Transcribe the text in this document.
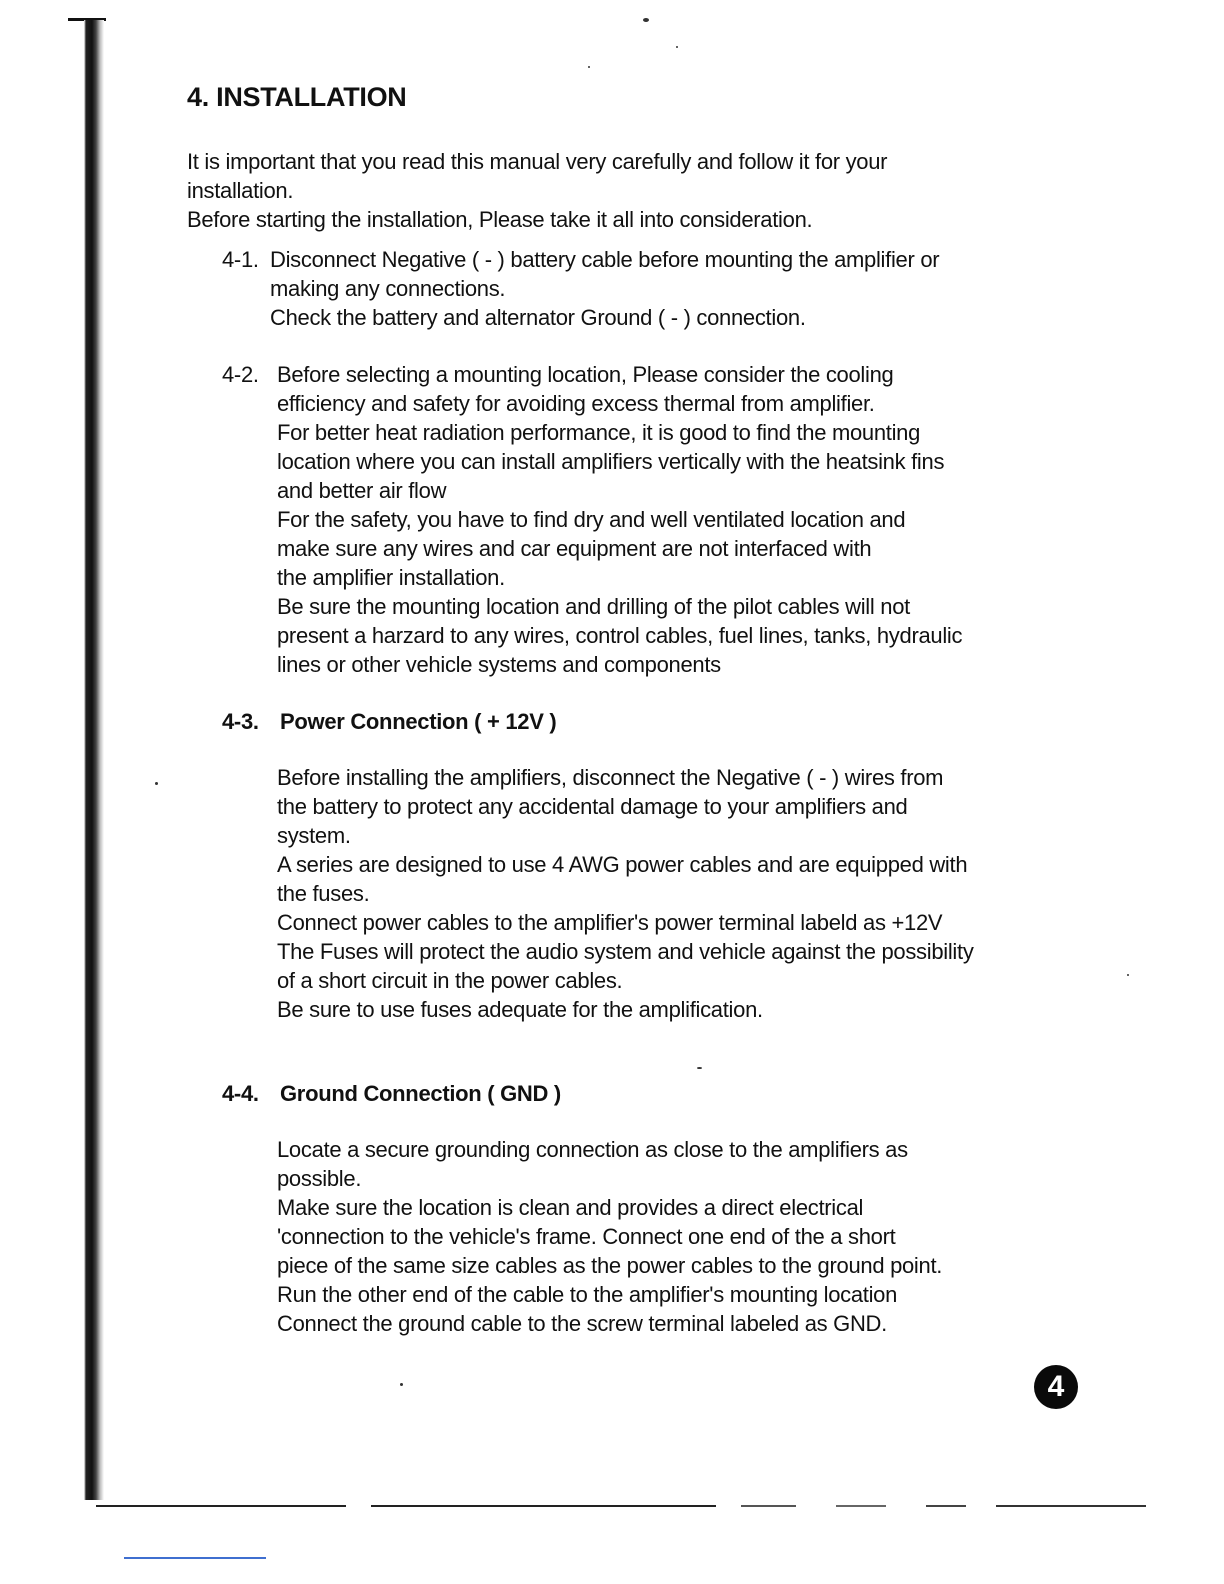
4. INSTALLATION
It is important that you read this manual very carefully and follow it for your
installation.
Before starting the installation, Please take it all into consideration.
4-1. Disconnect Negative ( - ) battery cable before mounting the amplifier or
making any connections.
Check the battery and alternator Ground ( - ) connection.
4-2. Before selecting a mounting location, Please consider the cooling
efficiency and safety for avoiding excess thermal from amplifier.
For better heat radiation performance, it is good to find the mounting
location where you can install amplifiers vertically with the heatsink fins
and better air flow
For the safety, you have to find dry and well ventilated location and
make sure any wires and car equipment are not interfaced with
the amplifier installation.
Be sure the mounting location and drilling of the pilot cables will not
present a harzard to any wires, control cables, fuel lines, tanks, hydraulic
lines or other vehicle systems and components
4-3. Power Connection ( + 12V )
Before installing the amplifiers, disconnect the Negative ( - ) wires from
the battery to protect any accidental damage to your amplifiers and
system.
A series are designed to use 4 AWG power cables and are equipped with
the fuses.
Connect power cables to the amplifier's power terminal labeld as +12V
The Fuses will protect the audio system and vehicle against the possibility
of a short circuit in the power cables.
Be sure to use fuses adequate for the amplification.
4-4. Ground Connection ( GND )
Locate a secure grounding connection as close to the amplifiers as
possible.
Make sure the location is clean and provides a direct electrical
'connection to the vehicle's frame. Connect one end of the a short
piece of the same size cables as the power cables to the ground point.
Run the other end of the cable to the amplifier's mounting location
Connect the ground cable to the screw terminal labeled as GND.
4
